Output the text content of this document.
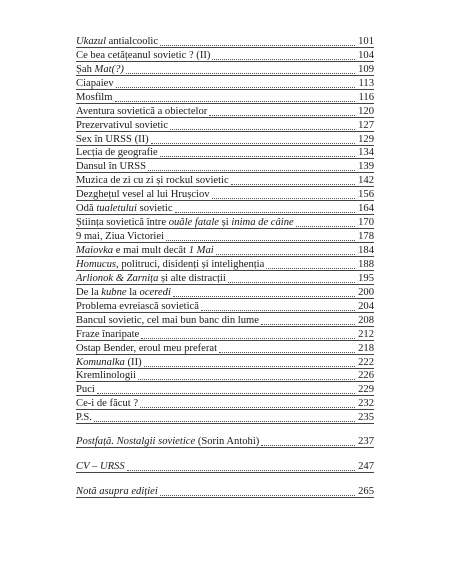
Ukazul antialcoolic	101
Ce bea cetățeanul sovietic ? (II)	104
Șah Mat(?)	109
Ciapaiev	113
Mosfilm	116
Aventura sovietică a obiectelor	120
Prezervativul sovietic	127
Sex în URSS (II)	129
Lecția de geografie	134
Dansul în URSS	139
Muzica de zi cu zi și rockul sovietic	142
Dezghețul vesel al lui Hrușciov	156
Odă tualetului sovietic	164
Știința sovietică între ouăle fatale și inima de câine	170
9 mai, Ziua Victoriei	178
Maiovka e mai mult decât 1 Mai	184
Homucus, politruci, disidenți și intelighenția	188
Arlionok & Zarnița și alte distracții	195
De la kubne la oceredi	200
Problema evreiască sovietică	204
Bancul sovietic, cel mai bun banc din lume	208
Fraze înaripate	212
Ostap Bender, eroul meu preferat	218
Komunalka (II)	222
Kremlinologii	226
Puci	229
Ce-i de făcut ?	232
P.S.	235
Postfață. Nostalgii sovietice (Sorin Antohi)	237
CV – URSS	247
Notă asupra ediției	265
